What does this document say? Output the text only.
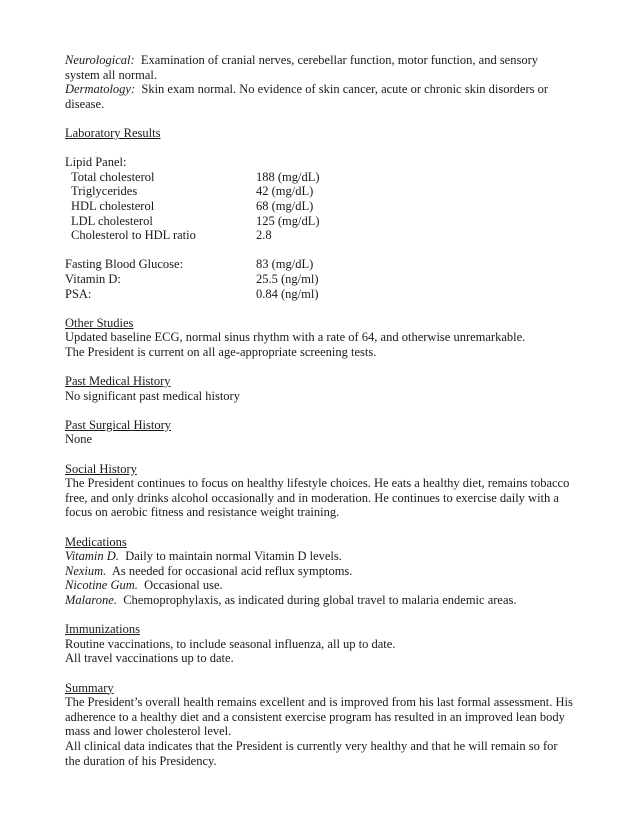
Neurological: Examination of cranial nerves, cerebellar function, motor function, and sensory system all normal.

Dermatology: Skin exam normal. No evidence of skin cancer, acute or chronic skin disorders or disease.

Laboratory Results

Lipid Panel:

Total cholesterol	188 (mg/dL)
Triglycerides	42 (mg/dL)
HDL cholesterol	68 (mg/dL)
LDL cholesterol	125 (mg/dL)
Cholesterol to HDL ratio	2.8
Fasting Blood Glucose:	83 (mg/dL)
Vitamin D:	25.5 (ng/ml)
PSA:	0.84 (ng/ml)

Other Studies

Updated baseline ECG, normal sinus rhythm with a rate of 64, and otherwise unremarkable.

The President is current on all age-appropriate screening tests.

Past Medical History

No significant past medical history

Past Surgical History

None

Social History

The President continues to focus on healthy lifestyle choices. He eats a healthy diet, remains tobacco free, and only drinks alcohol occasionally and in moderation. He continues to exercise daily with a focus on aerobic fitness and resistance weight training.

Medications

Vitamin D. Daily to maintain normal Vitamin D levels.

Nexium. As needed for occasional acid reflux symptoms.

Nicotine Gum. Occasional use.

Malarone. Chemoprophylaxis, as indicated during global travel to malaria endemic areas.

Immunizations

Routine vaccinations, to include seasonal influenza, all up to date.

All travel vaccinations up to date.

Summary

The President’s overall health remains excellent and is improved from his last formal assessment. His adherence to a healthy diet and a consistent exercise program has resulted in an improved lean body mass and lower cholesterol level.

All clinical data indicates that the President is currently very healthy and that he will remain so for the duration of his Presidency.
